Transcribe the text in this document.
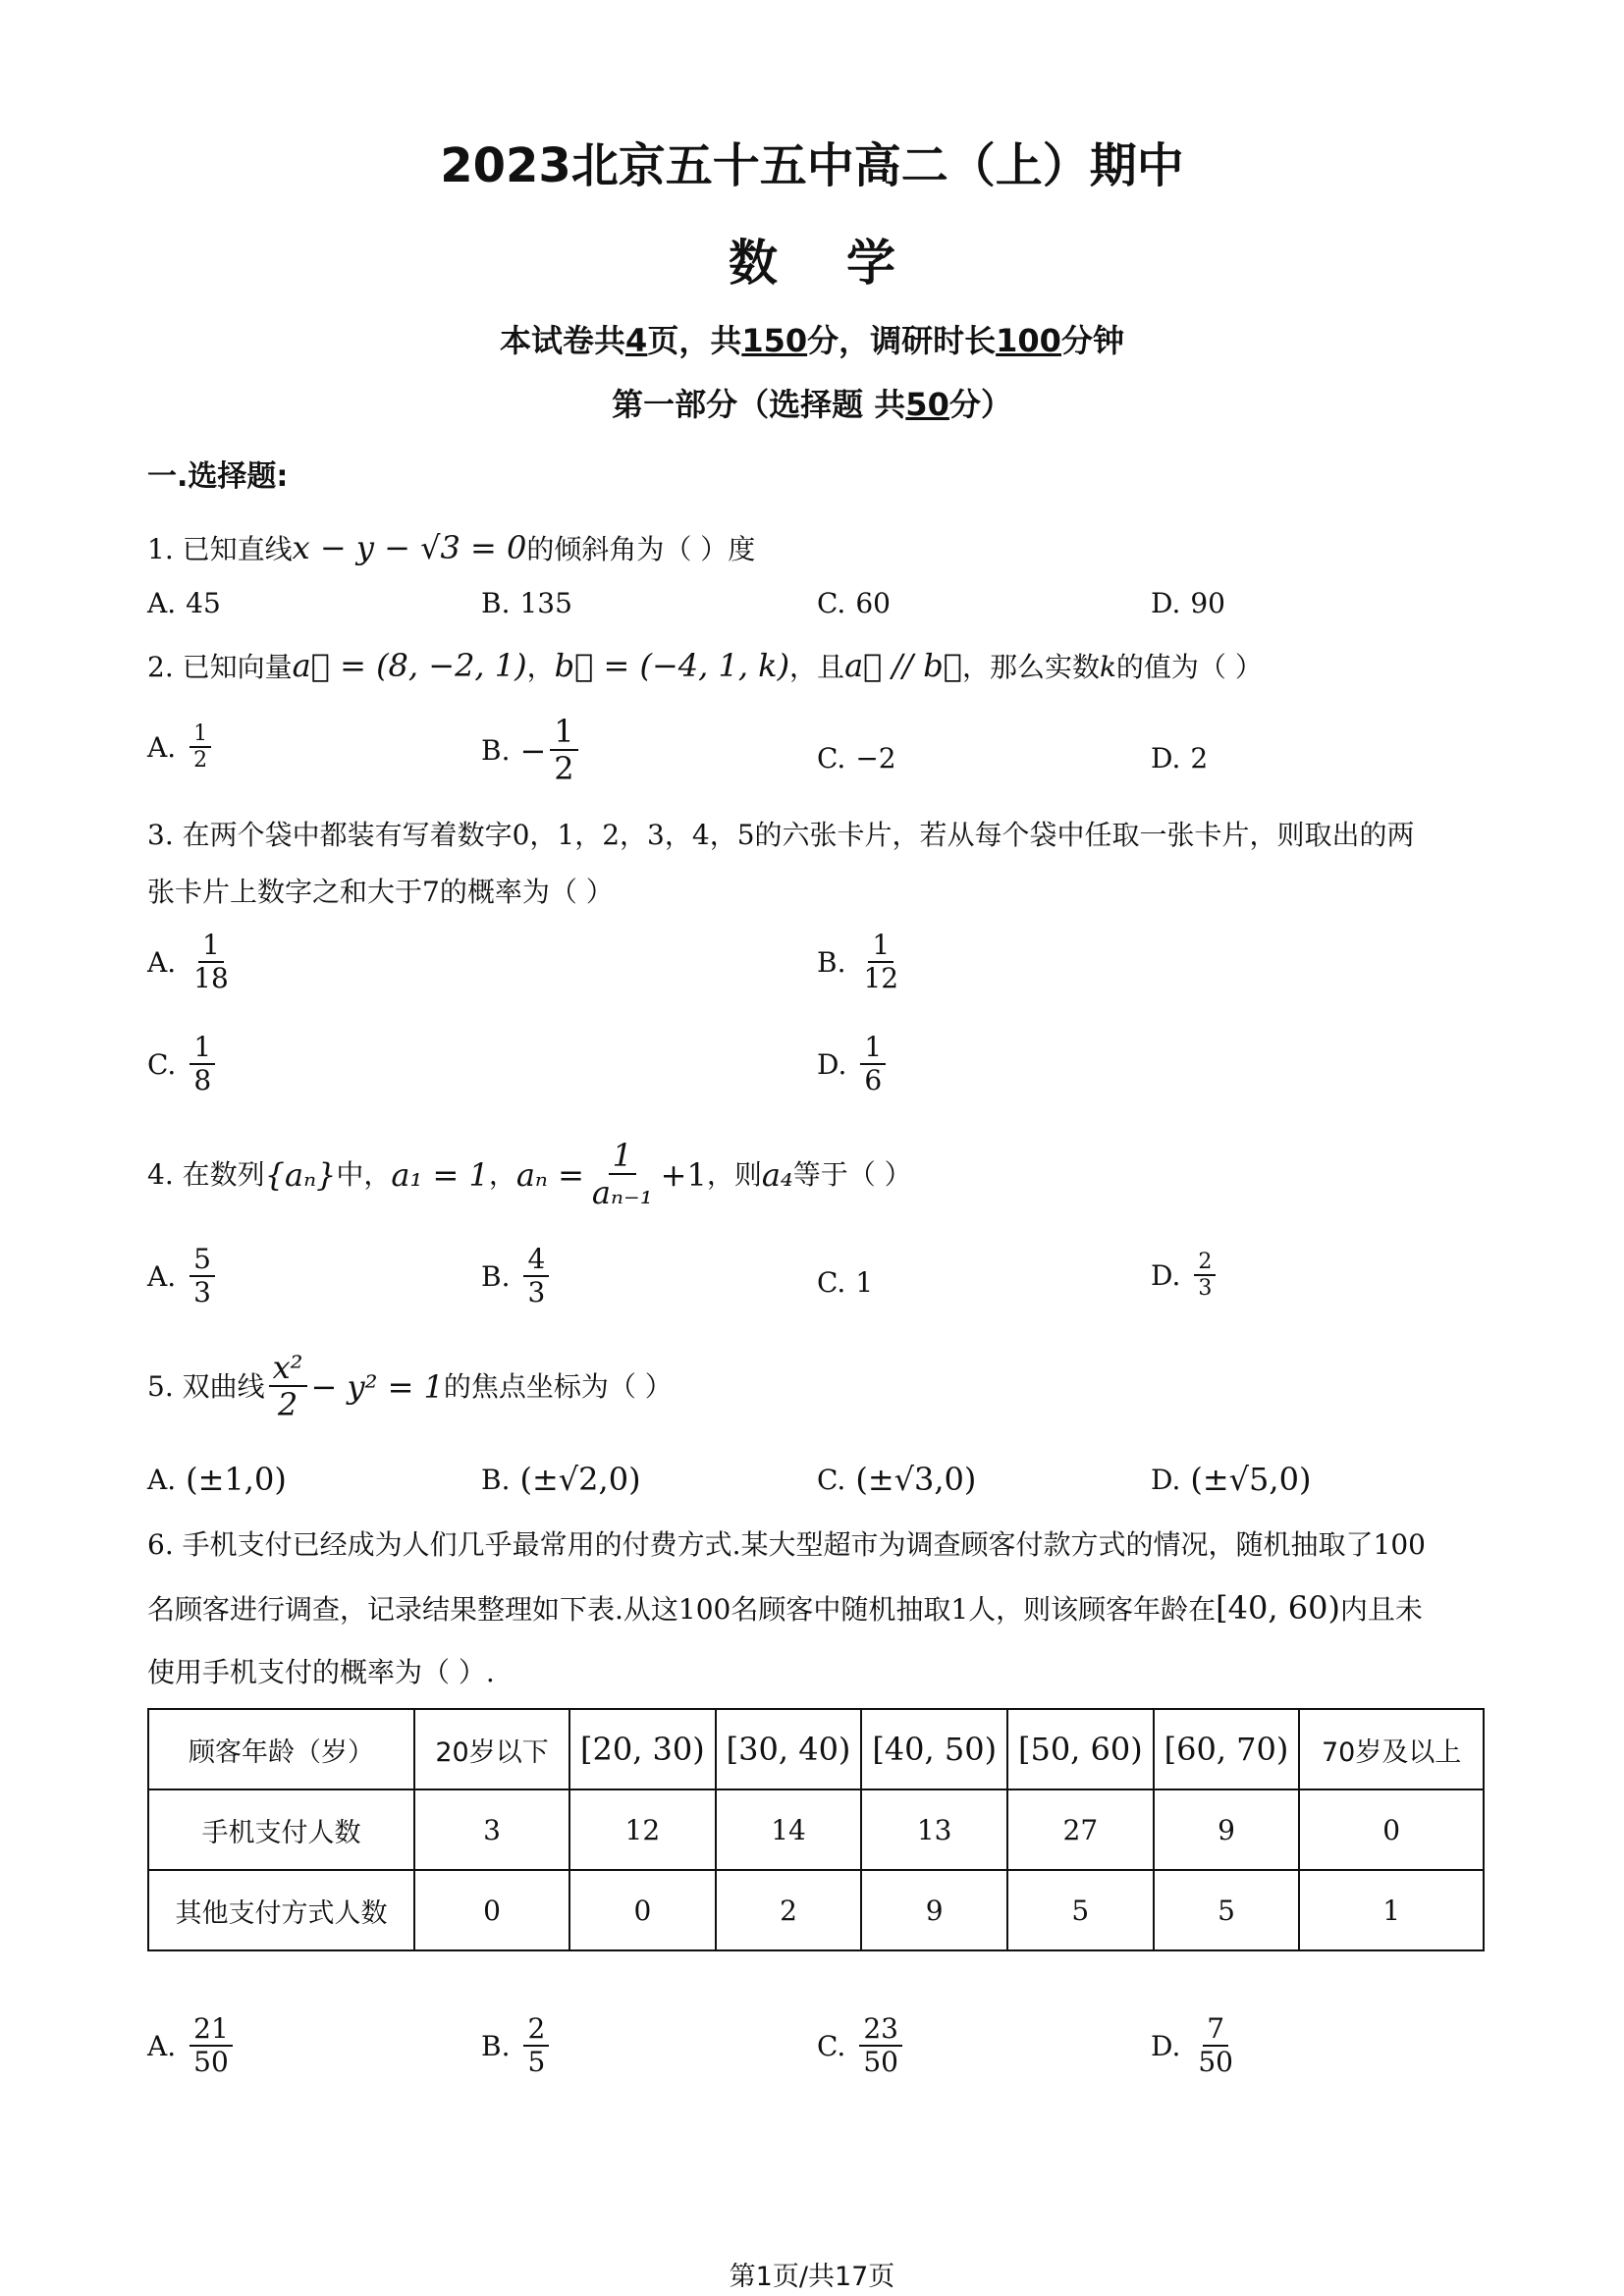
2023北京五十五中高二（上）期中
数学
本试卷共4页，共150分，调研时长100分钟
第一部分（选择题 共50分）
一.选择题:
1. 已知直线x − y − √3 = 0的倾斜角为（ ）度
A. 45	B. 135	C. 60	D. 90
2. 已知向量a⃗ = (8, −2, 1)，b⃗ = (−4, 1, k)，且a⃗ // b⃗，那么实数k的值为（ ）
A. $\frac{1}{2}$	B. − $\frac{1}{2}$	C. −2	D. 2
3. 在两个袋中都装有写着数字0，1，2，3，4，5的六张卡片，若从每个袋中任取一张卡片，则取出的两
张卡片上数字之和大于7的概率为（ ）
A. $\frac{1}{18}$	B. $\frac{1}{12}$
C. $\frac{1}{8}$	D. $\frac{1}{6}$
4. 在数列 {aₙ} 中， a₁ = 1 ， $a_n = \frac{1}{\text{aₙ₋₁}} +1$ ，则 a₄ 等于（ ）
A. $\frac{5}{3}$	B. $\frac{4}{3}$	C. 1	D. $\frac{2}{3}$
5. 双曲线 $\frac{\text{x²}}{2} - y^2 = 1$ 的焦点坐标为（ ）
A. (±1,0)	B. (±√2,0)	C. (±√3,0)	D. (±√5,0)
6. 手机支付已经成为人们几乎最常用的付费方式.某大型超市为调查顾客付款方式的情况，随机抽取了100
名顾客进行调查，记录结果整理如下表.从这100名顾客中随机抽取1人，则该顾客年龄在[40, 60)内且未
使用手机支付的概率为（ ）.
顾客年龄（岁）	20岁以下	[20, 30)	[30, 40)	[40, 50)	[50, 60)	[60, 70)	70岁及以上
手机支付人数	3	12	14	13	27	9	0
其他支付方式人数	0	0	2	9	5	5	1
A. $\frac{21}{50}$	B. $\frac{2}{5}$	C. $\frac{23}{50}$	D. $\frac{7}{50}$
第1页/共17页
